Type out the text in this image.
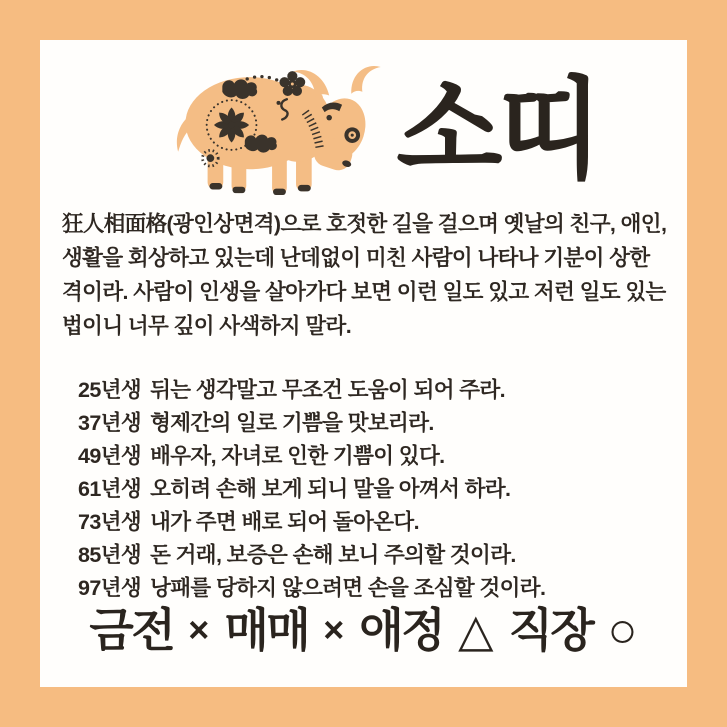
소띠
狂人相面格(광인상면격)으로 호젓한 길을 걸으며 옛날의 친구, 애인,
생활을 회상하고 있는데 난데없이 미친 사람이 나타나 기분이 상한
격이라. 사람이 인생을 살아가다 보면 이런 일도 있고 저런 일도 있는
법이니 너무 깊이 사색하지 말라.
25년생 뒤는 생각말고 무조건 도움이 되어 주라.
37년생 형제간의 일로 기쁨을 맛보리라.
49년생 배우자, 자녀로 인한 기쁨이 있다.
61년생 오히려 손해 보게 되니 말을 아껴서 하라.
73년생 내가 주면 배로 되어 돌아온다.
85년생 돈 거래, 보증은 손해 보니 주의할 것이라.
97년생 낭패를 당하지 않으려면 손을 조심할 것이라.
금전 × 매매 × 애정 △ 직장 ○
